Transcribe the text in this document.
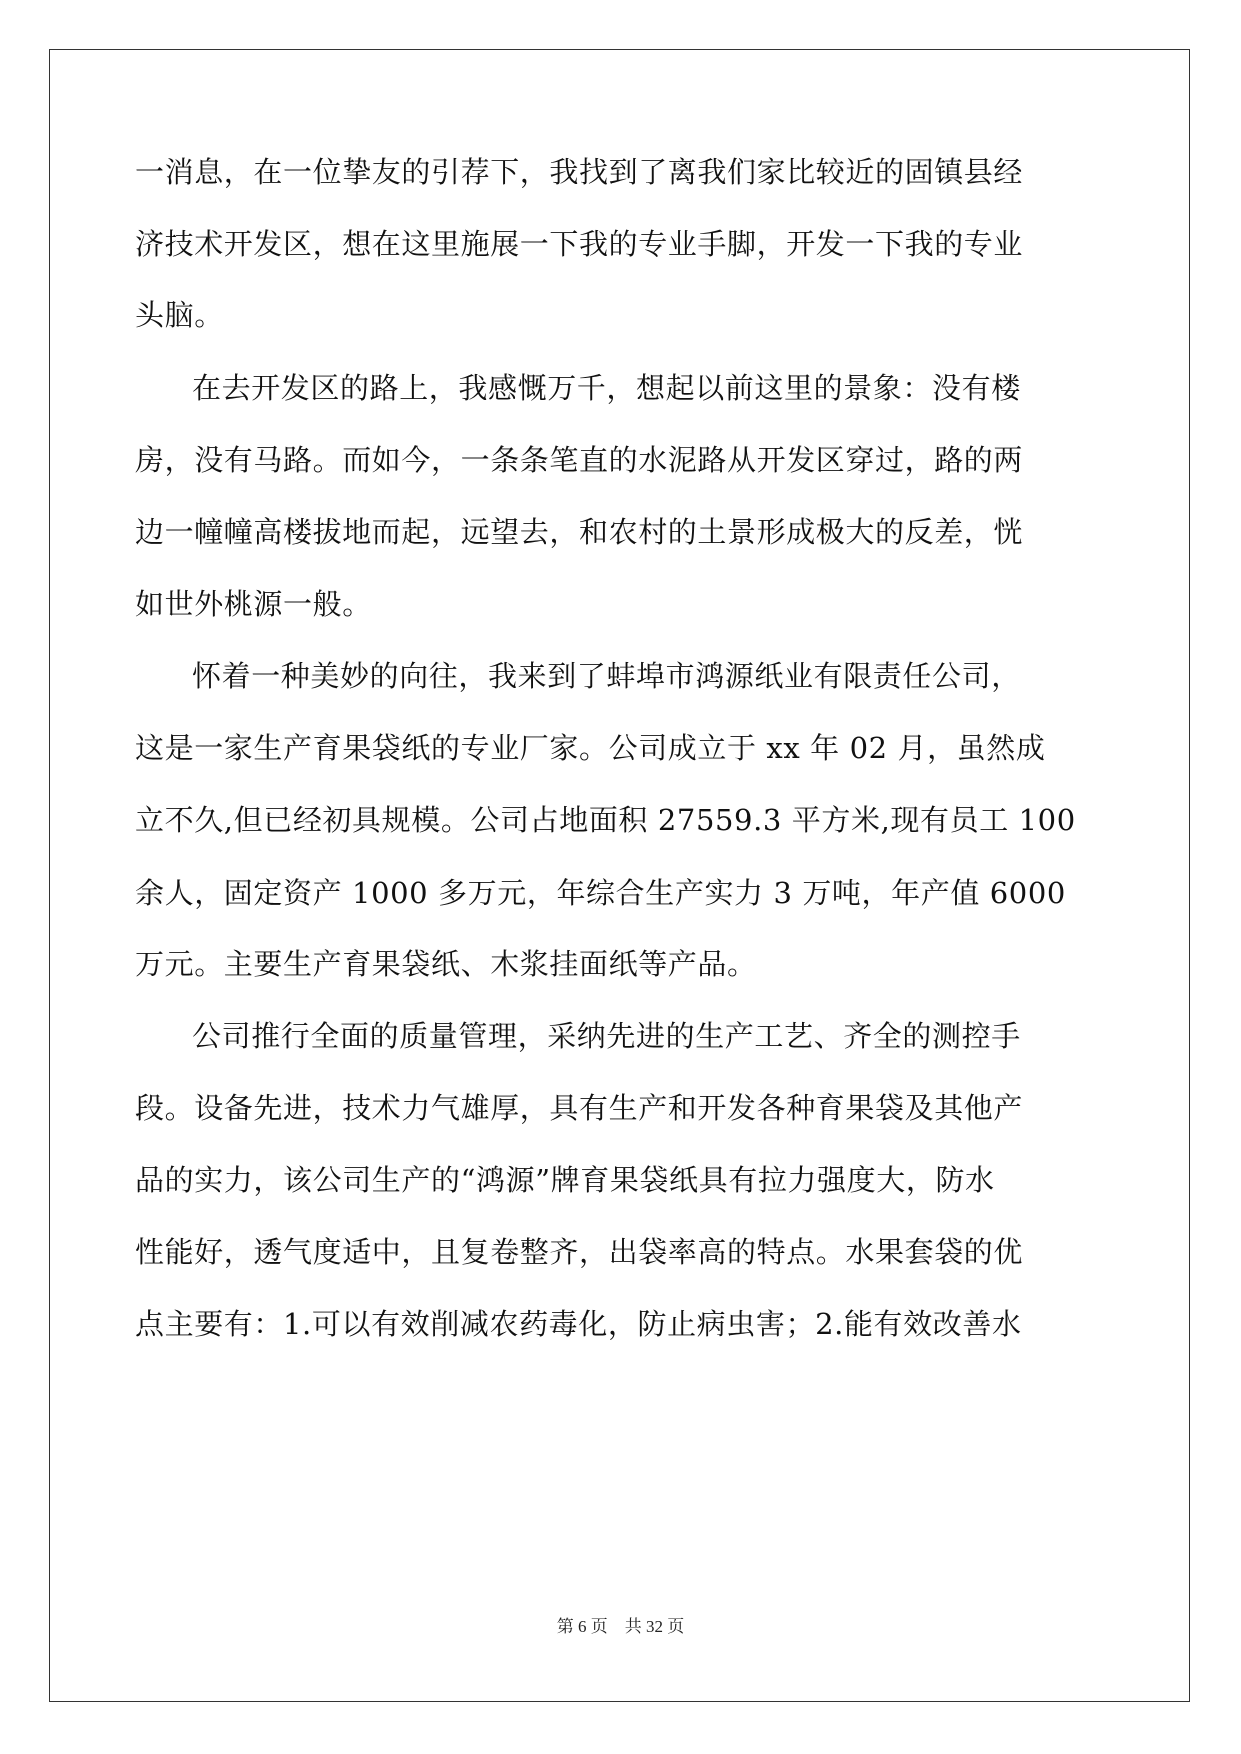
一消息，在一位挚友的引荐下，我找到了离我们家比较近的固镇县经
济技术开发区，想在这里施展一下我的专业手脚，开发一下我的专业
头脑。
在去开发区的路上，我感慨万千，想起以前这里的景象：没有楼
房，没有马路。而如今，一条条笔直的水泥路从开发区穿过，路的两
边一幢幢高楼拔地而起，远望去，和农村的土景形成极大的反差，恍
如世外桃源一般。
怀着一种美妙的向往，我来到了蚌埠市鸿源纸业有限责任公司，
这是一家生产育果袋纸的专业厂家。公司成立于 xx 年 02 月，虽然成
立不久,但已经初具规模。公司占地面积 27559.3 平方米,现有员工 100
余人，固定资产 1000 多万元，年综合生产实力 3 万吨，年产值 6000
万元。主要生产育果袋纸、木浆挂面纸等产品。
公司推行全面的质量管理，采纳先进的生产工艺、齐全的测控手
段。设备先进，技术力气雄厚，具有生产和开发各种育果袋及其他产
品的实力，该公司生产的“鸿源”牌育果袋纸具有拉力强度大，防水
性能好，透气度适中，且复卷整齐，出袋率高的特点。水果套袋的优
点主要有：1.可以有效削减农药毒化，防止病虫害；2.能有效改善水
第 6 页 共 32 页
